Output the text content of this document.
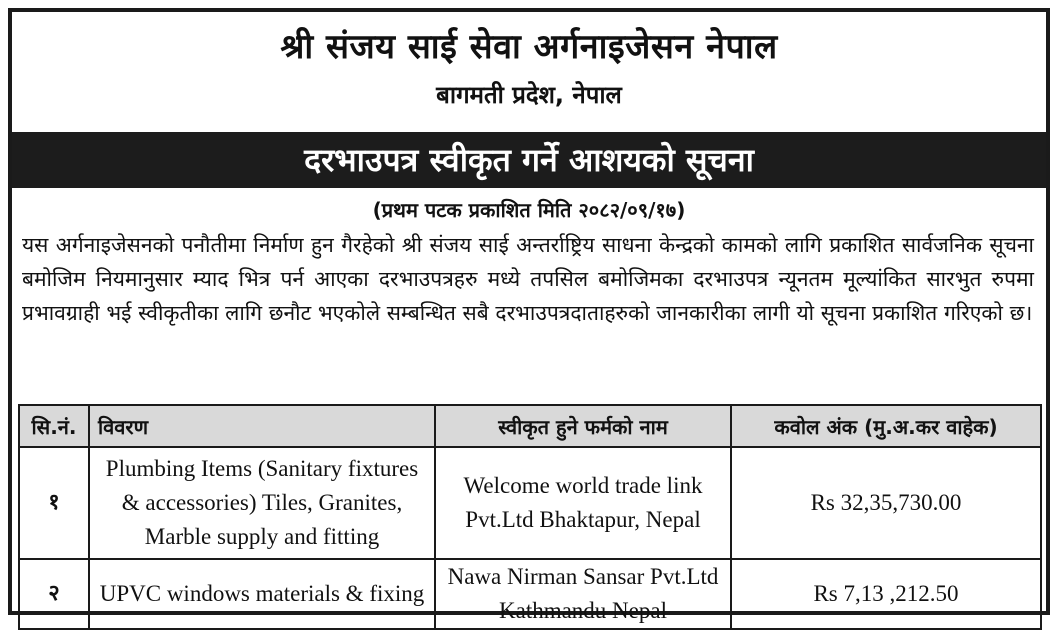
श्री संजय साई सेवा अर्गनाइजेसन नेपाल
बागमती प्रदेश, नेपाल
दरभाउपत्र स्वीकृत गर्ने आशयको सूचना
(प्रथम पटक प्रकाशित मिति २०८२/०९/१७)
यस अर्गनाइजेसनको पनौतीमा निर्माण हुन गैरहेको श्री संजय साई अन्तर्राष्ट्रिय साधना केन्द्रको कामको लागि प्रकाशित सार्वजनिक सूचना बमोजिम नियमानुसार म्याद भित्र पर्न आएका दरभाउपत्रहरु मध्ये तपसिल बमोजिमका दरभाउपत्र न्यूनतम मूल्यांकित सारभुत रुपमा प्रभावग्राही भई स्वीकृतीका लागि छनौट भएकोले सम्बन्धित सबै दरभाउपत्रदाताहरुको जानकारीका लागी यो सूचना प्रकाशित गरिएको छ।
सि.नं.	विवरण	स्वीकृत हुने फर्मको नाम	कवोल अंक (मु.अ.कर वाहेक)
१	Plumbing Items (Sanitary fixtures & accessories) Tiles, Granites, Marble supply and fitting	Welcome world trade link Pvt.Ltd Bhaktapur, Nepal	Rs 32,35,730.00
२	UPVC windows materials & fixing	Nawa Nirman Sansar Pvt.Ltd Kathmandu Nepal	Rs 7,13 ,212.50
